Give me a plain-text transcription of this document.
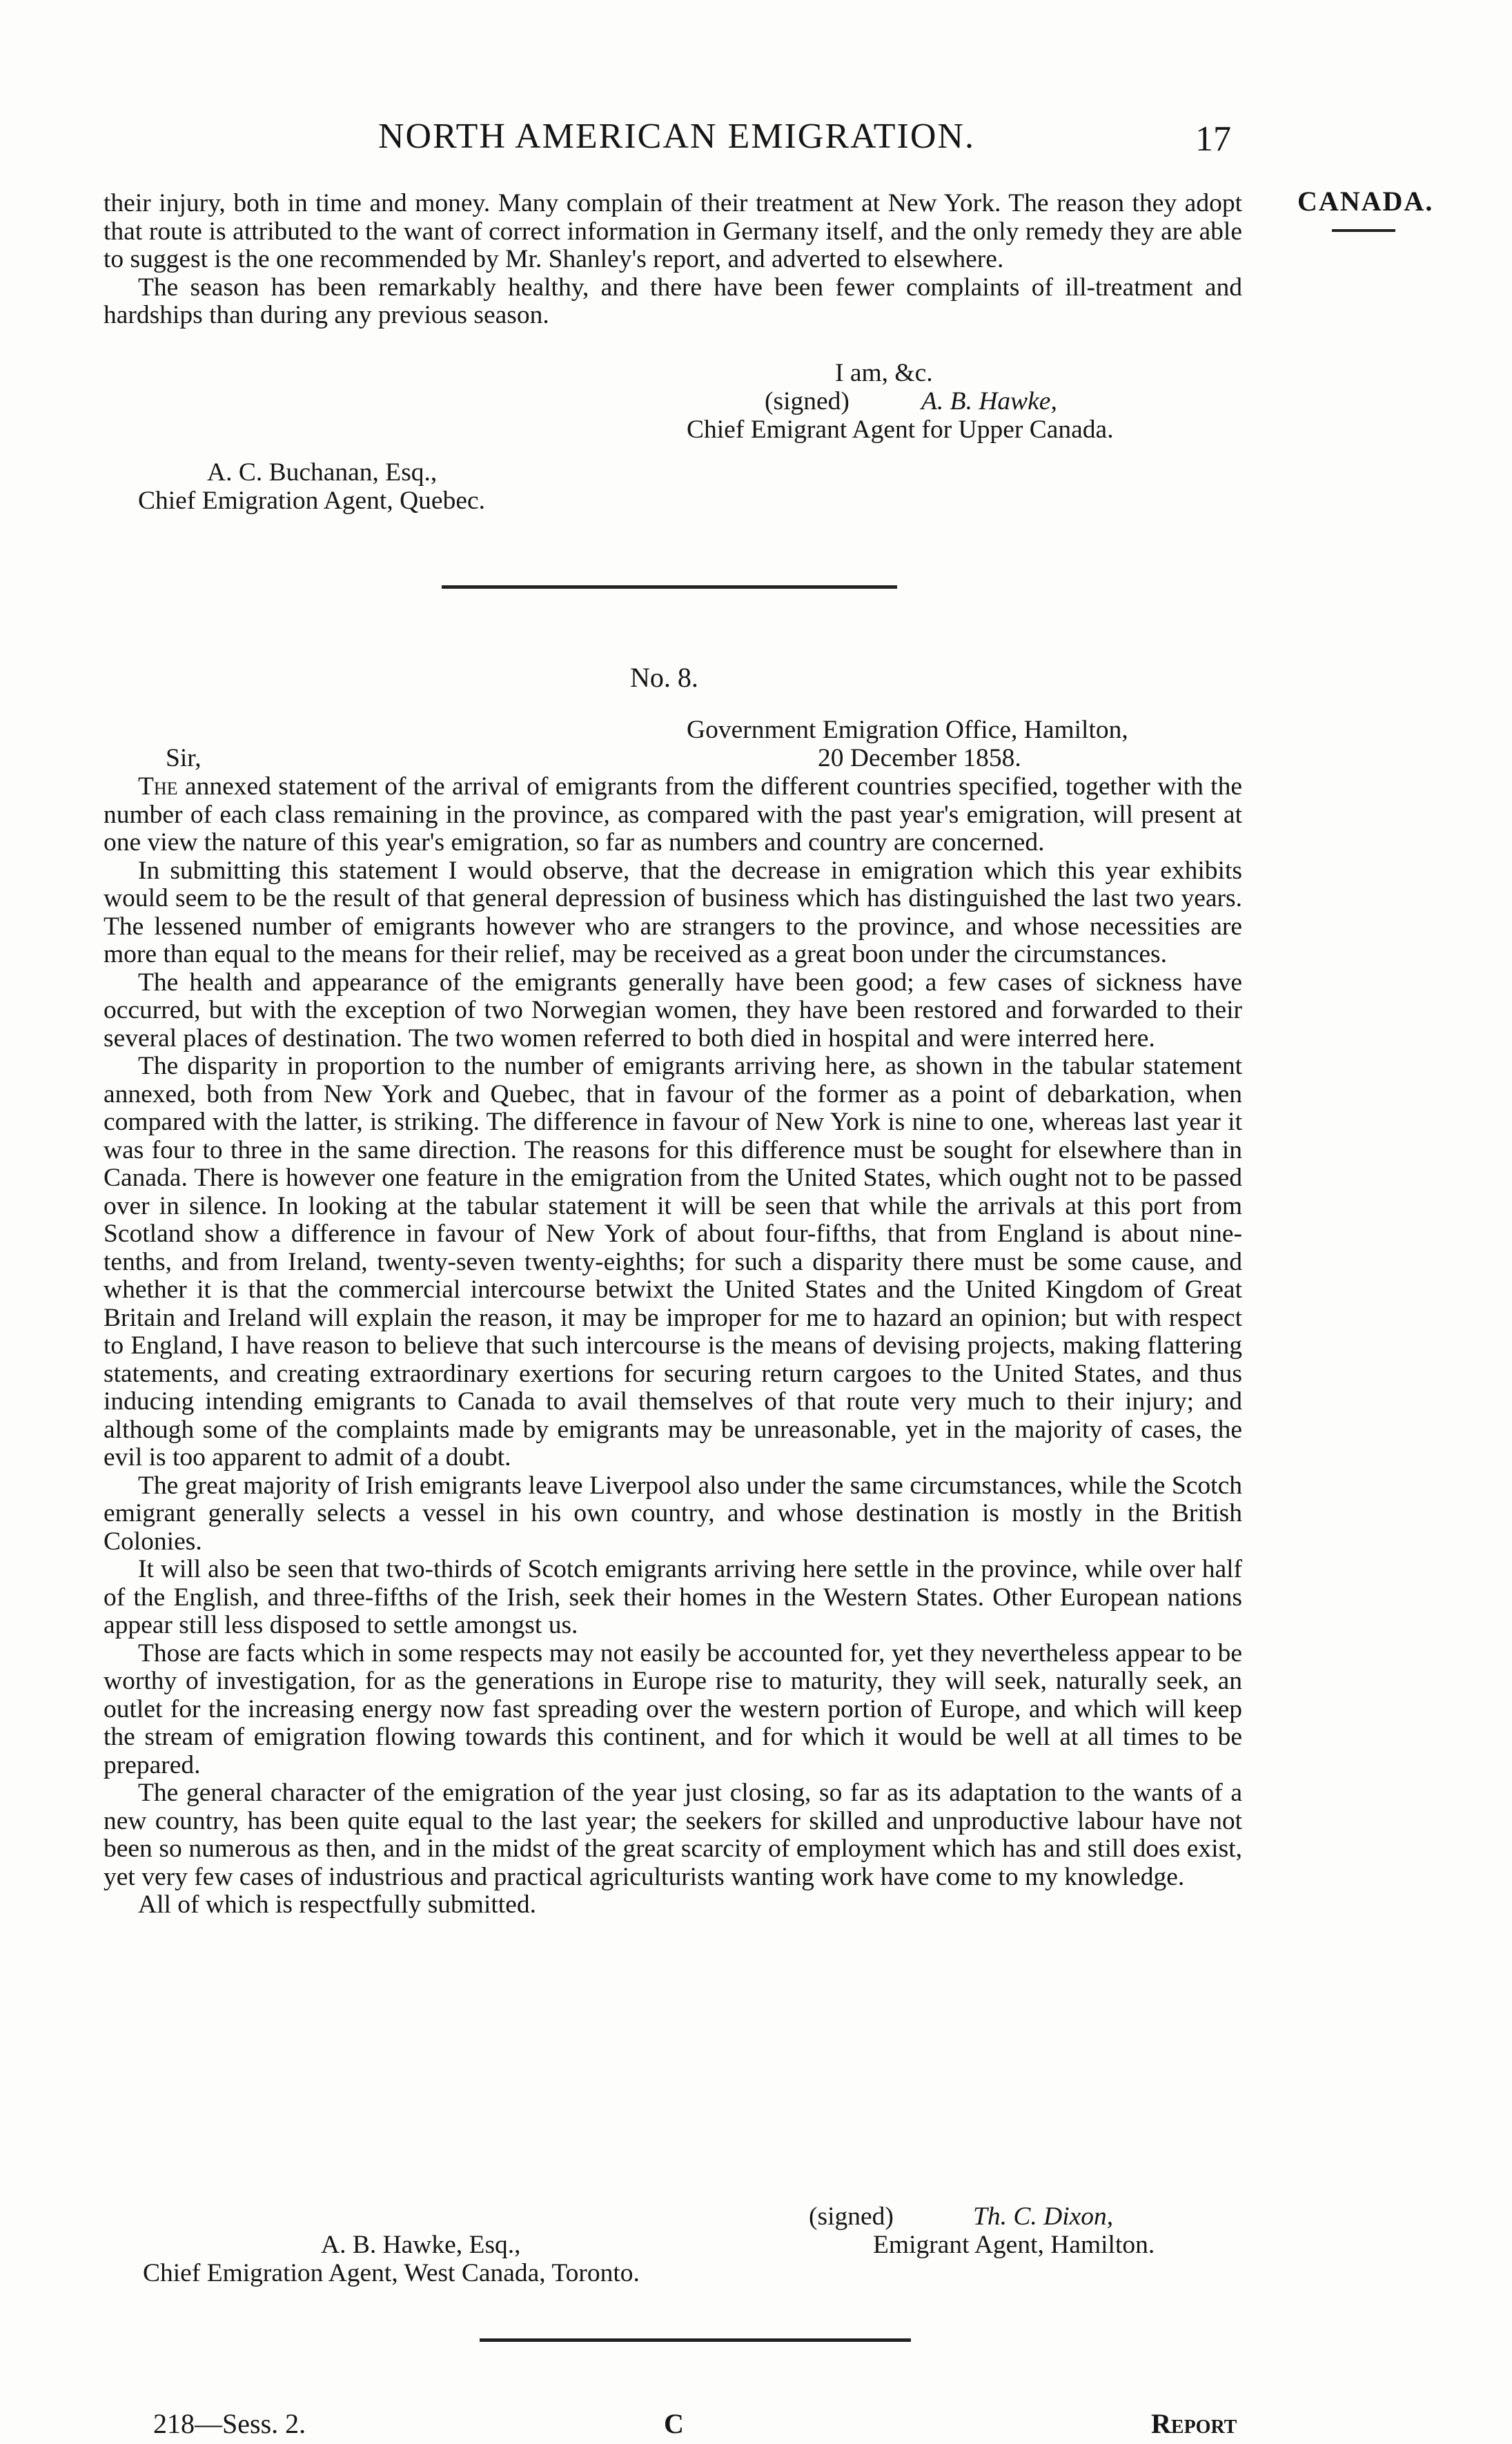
NORTH AMERICAN EMIGRATION.	17
CANADA.

their injury, both in time and money. Many complain of their treatment at New York. The reason they adopt that route is attributed to the want of correct information in Germany itself, and the only remedy they are able to suggest is the one recommended by Mr. Shanley's report, and adverted to elsewhere.

The season has been remarkably healthy, and there have been fewer complaints of ill-treatment and hardships than during any previous season.

I am, &c.
(signed)	A. B. Hawke,
Chief Emigrant Agent for Upper Canada.
A. C. Buchanan, Esq.,
Chief Emigration Agent, Quebec.
No. 8.
Government Emigration Office, Hamilton,
Sir,	20 December 1858.

The annexed statement of the arrival of emigrants from the different countries specified, together with the number of each class remaining in the province, as compared with the past year's emigration, will present at one view the nature of this year's emigration, so far as numbers and country are concerned.

In submitting this statement I would observe, that the decrease in emigration which this year exhibits would seem to be the result of that general depression of business which has distinguished the last two years. The lessened number of emigrants however who are strangers to the province, and whose necessities are more than equal to the means for their relief, may be received as a great boon under the circumstances.

The health and appearance of the emigrants generally have been good; a few cases of sickness have occurred, but with the exception of two Norwegian women, they have been restored and forwarded to their several places of destination. The two women referred to both died in hospital and were interred here.

The disparity in proportion to the number of emigrants arriving here, as shown in the tabular statement annexed, both from New York and Quebec, that in favour of the former as a point of debarkation, when compared with the latter, is striking. The difference in favour of New York is nine to one, whereas last year it was four to three in the same direction. The reasons for this difference must be sought for elsewhere than in Canada. There is however one feature in the emigration from the United States, which ought not to be passed over in silence. In looking at the tabular statement it will be seen that while the arrivals at this port from Scotland show a difference in favour of New York of about four-fifths, that from England is about nine-tenths, and from Ireland, twenty-seven twenty-eighths; for such a disparity there must be some cause, and whether it is that the commercial intercourse betwixt the United States and the United Kingdom of Great Britain and Ireland will explain the reason, it may be improper for me to hazard an opinion; but with respect to England, I have reason to believe that such intercourse is the means of devising projects, making flattering statements, and creating extraordinary exertions for securing return cargoes to the United States, and thus inducing intending emigrants to Canada to avail themselves of that route very much to their injury; and although some of the complaints made by emigrants may be unreasonable, yet in the majority of cases, the evil is too apparent to admit of a doubt.

The great majority of Irish emigrants leave Liverpool also under the same circumstances, while the Scotch emigrant generally selects a vessel in his own country, and whose destination is mostly in the British Colonies.

It will also be seen that two-thirds of Scotch emigrants arriving here settle in the province, while over half of the English, and three-fifths of the Irish, seek their homes in the Western States. Other European nations appear still less disposed to settle amongst us.

Those are facts which in some respects may not easily be accounted for, yet they nevertheless appear to be worthy of investigation, for as the generations in Europe rise to maturity, they will seek, naturally seek, an outlet for the increasing energy now fast spreading over the western portion of Europe, and which will keep the stream of emigration flowing towards this continent, and for which it would be well at all times to be prepared.

The general character of the emigration of the year just closing, so far as its adaptation to the wants of a new country, has been quite equal to the last year; the seekers for skilled and unproductive labour have not been so numerous as then, and in the midst of the great scarcity of employment which has and still does exist, yet very few cases of industrious and practical agriculturists wanting work have come to my knowledge.

All of which is respectfully submitted.

(signed)	Th. C. Dixon,
Emigrant Agent, Hamilton.
A. B. Hawke, Esq.,
Chief Emigration Agent, West Canada, Toronto.
218—Sess. 2.	C	Report
